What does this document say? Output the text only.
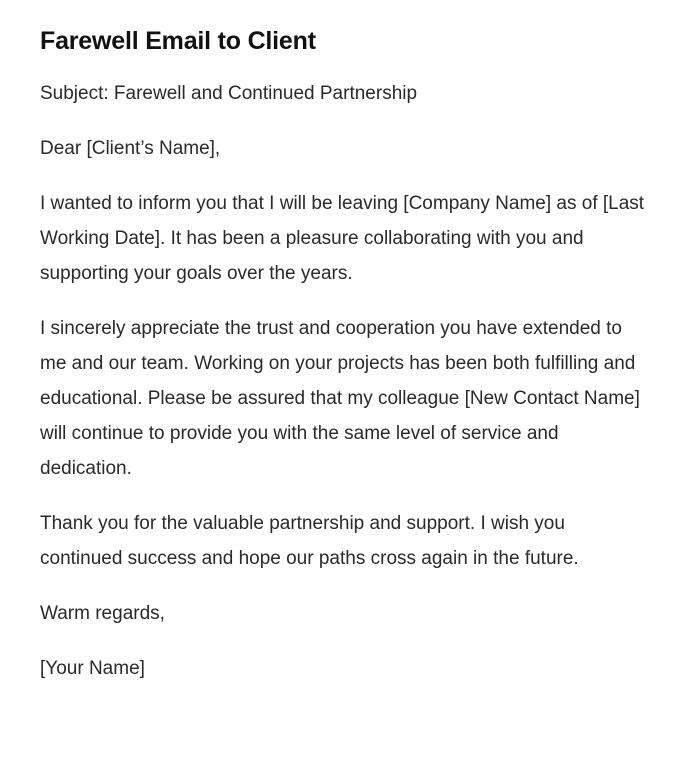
Farewell Email to Client

Subject: Farewell and Continued Partnership

Dear [Client’s Name],

I wanted to inform you that I will be leaving [Company Name] as of [Last Working Date]. It has been a pleasure collaborating with you and supporting your goals over the years.

I sincerely appreciate the trust and cooperation you have extended to me and our team. Working on your projects has been both fulfilling and educational. Please be assured that my colleague [New Contact Name] will continue to provide you with the same level of service and dedication.

Thank you for the valuable partnership and support. I wish you continued success and hope our paths cross again in the future.

Warm regards,

[Your Name]
